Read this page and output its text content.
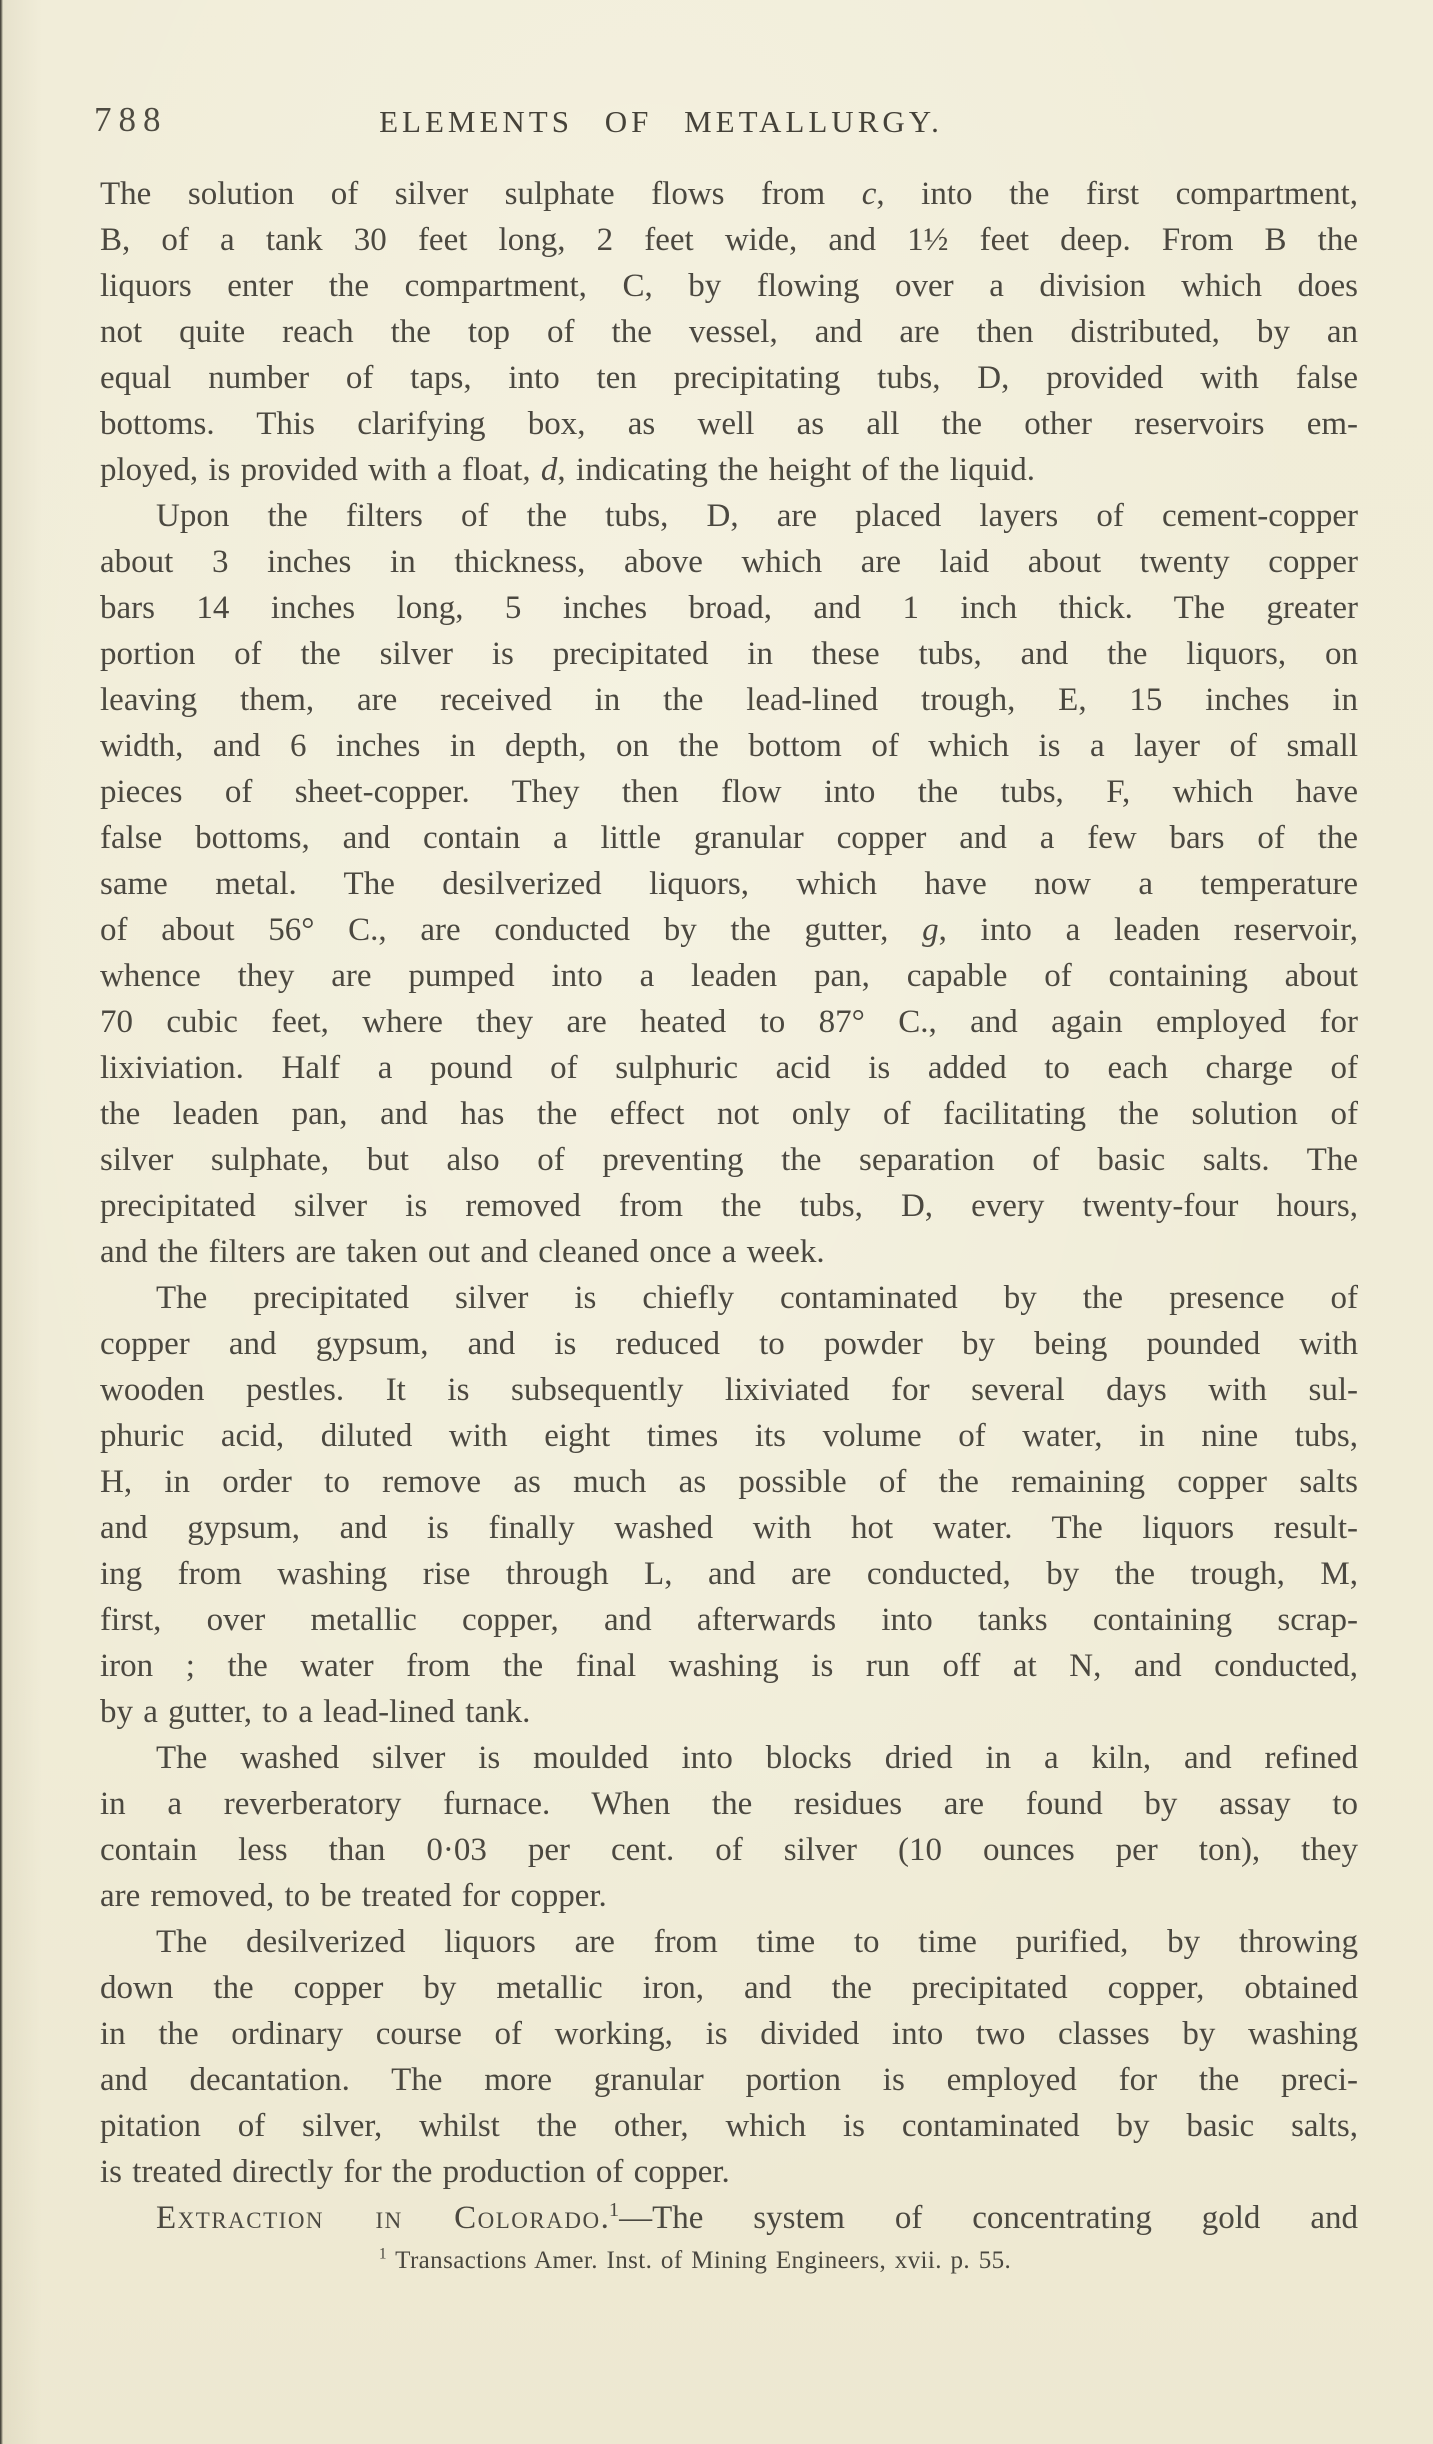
788	ELEMENTS OF METALLURGY.
The solution of silver sulphate flows from c, into the first compartment,
B, of a tank 30 feet long, 2 feet wide, and 1½ feet deep. From B the
liquors enter the compartment, C, by flowing over a division which does
not quite reach the top of the vessel, and are then distributed, by an
equal number of taps, into ten precipitating tubs, D, provided with false
bottoms. This clarifying box, as well as all the other reservoirs em-
ployed, is provided with a float, d, indicating the height of the liquid.
Upon the filters of the tubs, D, are placed layers of cement-copper
about 3 inches in thickness, above which are laid about twenty copper
bars 14 inches long, 5 inches broad, and 1 inch thick. The greater
portion of the silver is precipitated in these tubs, and the liquors, on
leaving them, are received in the lead-lined trough, E, 15 inches in
width, and 6 inches in depth, on the bottom of which is a layer of small
pieces of sheet-copper. They then flow into the tubs, F, which have
false bottoms, and contain a little granular copper and a few bars of the
same metal. The desilverized liquors, which have now a temperature
of about 56° C., are conducted by the gutter, g, into a leaden reservoir,
whence they are pumped into a leaden pan, capable of containing about
70 cubic feet, where they are heated to 87° C., and again employed for
lixiviation. Half a pound of sulphuric acid is added to each charge of
the leaden pan, and has the effect not only of facilitating the solution of
silver sulphate, but also of preventing the separation of basic salts. The
precipitated silver is removed from the tubs, D, every twenty-four hours,
and the filters are taken out and cleaned once a week.
The precipitated silver is chiefly contaminated by the presence of
copper and gypsum, and is reduced to powder by being pounded with
wooden pestles. It is subsequently lixiviated for several days with sul-
phuric acid, diluted with eight times its volume of water, in nine tubs,
H, in order to remove as much as possible of the remaining copper salts
and gypsum, and is finally washed with hot water. The liquors result-
ing from washing rise through L, and are conducted, by the trough, M,
first, over metallic copper, and afterwards into tanks containing scrap-
iron ; the water from the final washing is run off at N, and conducted,
by a gutter, to a lead-lined tank.
The washed silver is moulded into blocks dried in a kiln, and refined
in a reverberatory furnace. When the residues are found by assay to
contain less than 0·03 per cent. of silver (10 ounces per ton), they
are removed, to be treated for copper.
The desilverized liquors are from time to time purified, by throwing
down the copper by metallic iron, and the precipitated copper, obtained
in the ordinary course of working, is divided into two classes by washing
and decantation. The more granular portion is employed for the preci-
pitation of silver, whilst the other, which is contaminated by basic salts,
is treated directly for the production of copper.
Extraction in Colorado.$^1$—The system of concentrating gold and
$^1$ Transactions Amer. Inst. of Mining Engineers, xvii. p. 55.
